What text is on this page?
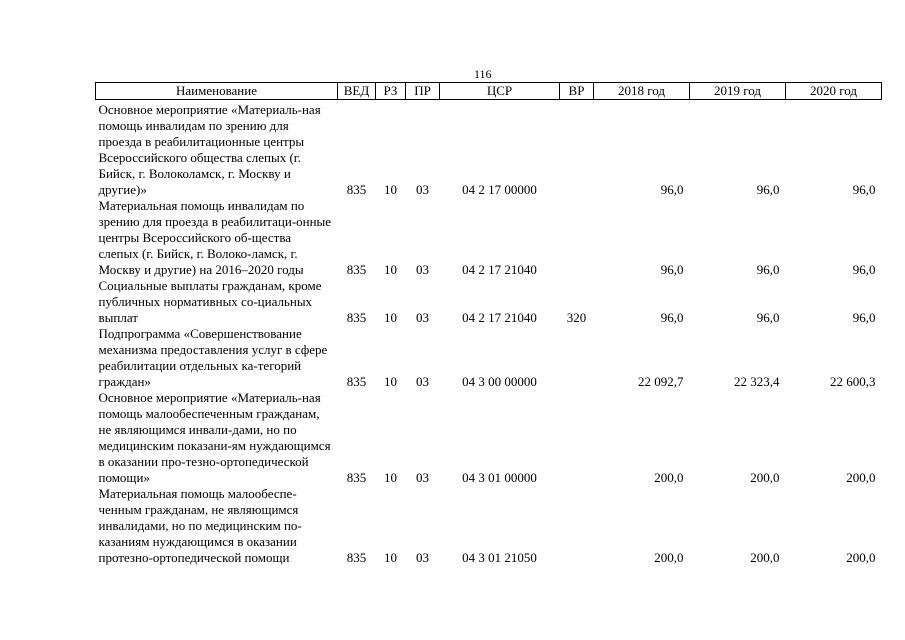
116
Наименование	ВЕД	РЗ	ПР	ЦСР	ВР	2018 год	2019 год	2020 год
Основное мероприятие «Материаль-ная помощь инвалидам по зрению для проезда в реабилитационные центры Всероссийского общества слепых (г. Бийск, г. Волоколамск, г. Москву и другие)»	835	10	03	04 2 17 00000		96,0	96,0	96,0
Материальная помощь инвалидам по зрению для проезда в реабилитаци-онные центры Всероссийского об-щества слепых (г. Бийск, г. Волоко-ламск, г. Москву и другие) на 2016–2020 годы	835	10	03	04 2 17 21040		96,0	96,0	96,0
Социальные выплаты гражданам, кроме публичных нормативных со-циальных выплат	835	10	03	04 2 17 21040	320	96,0	96,0	96,0
Подпрограмма «Совершенствование механизма предоставления услуг в сфере реабилитации отдельных ка-тегорий граждан»	835	10	03	04 3 00 00000		22 092,7	22 323,4	22 600,3
Основное мероприятие «Материаль-ная помощь малообеспеченным гражданам, не являющимся инвали-дами, но по медицинским показани-ям нуждающимся в оказании про-тезно-ортопедической помощи»	835	10	03	04 3 01 00000		200,0	200,0	200,0
Материальная помощь малообеспе-ченным гражданам, не являющимся инвалидами, но по медицинским по-казаниям нуждающимся в оказании протезно-ортопедической помощи	835	10	03	04 3 01 21050		200,0	200,0	200,0
